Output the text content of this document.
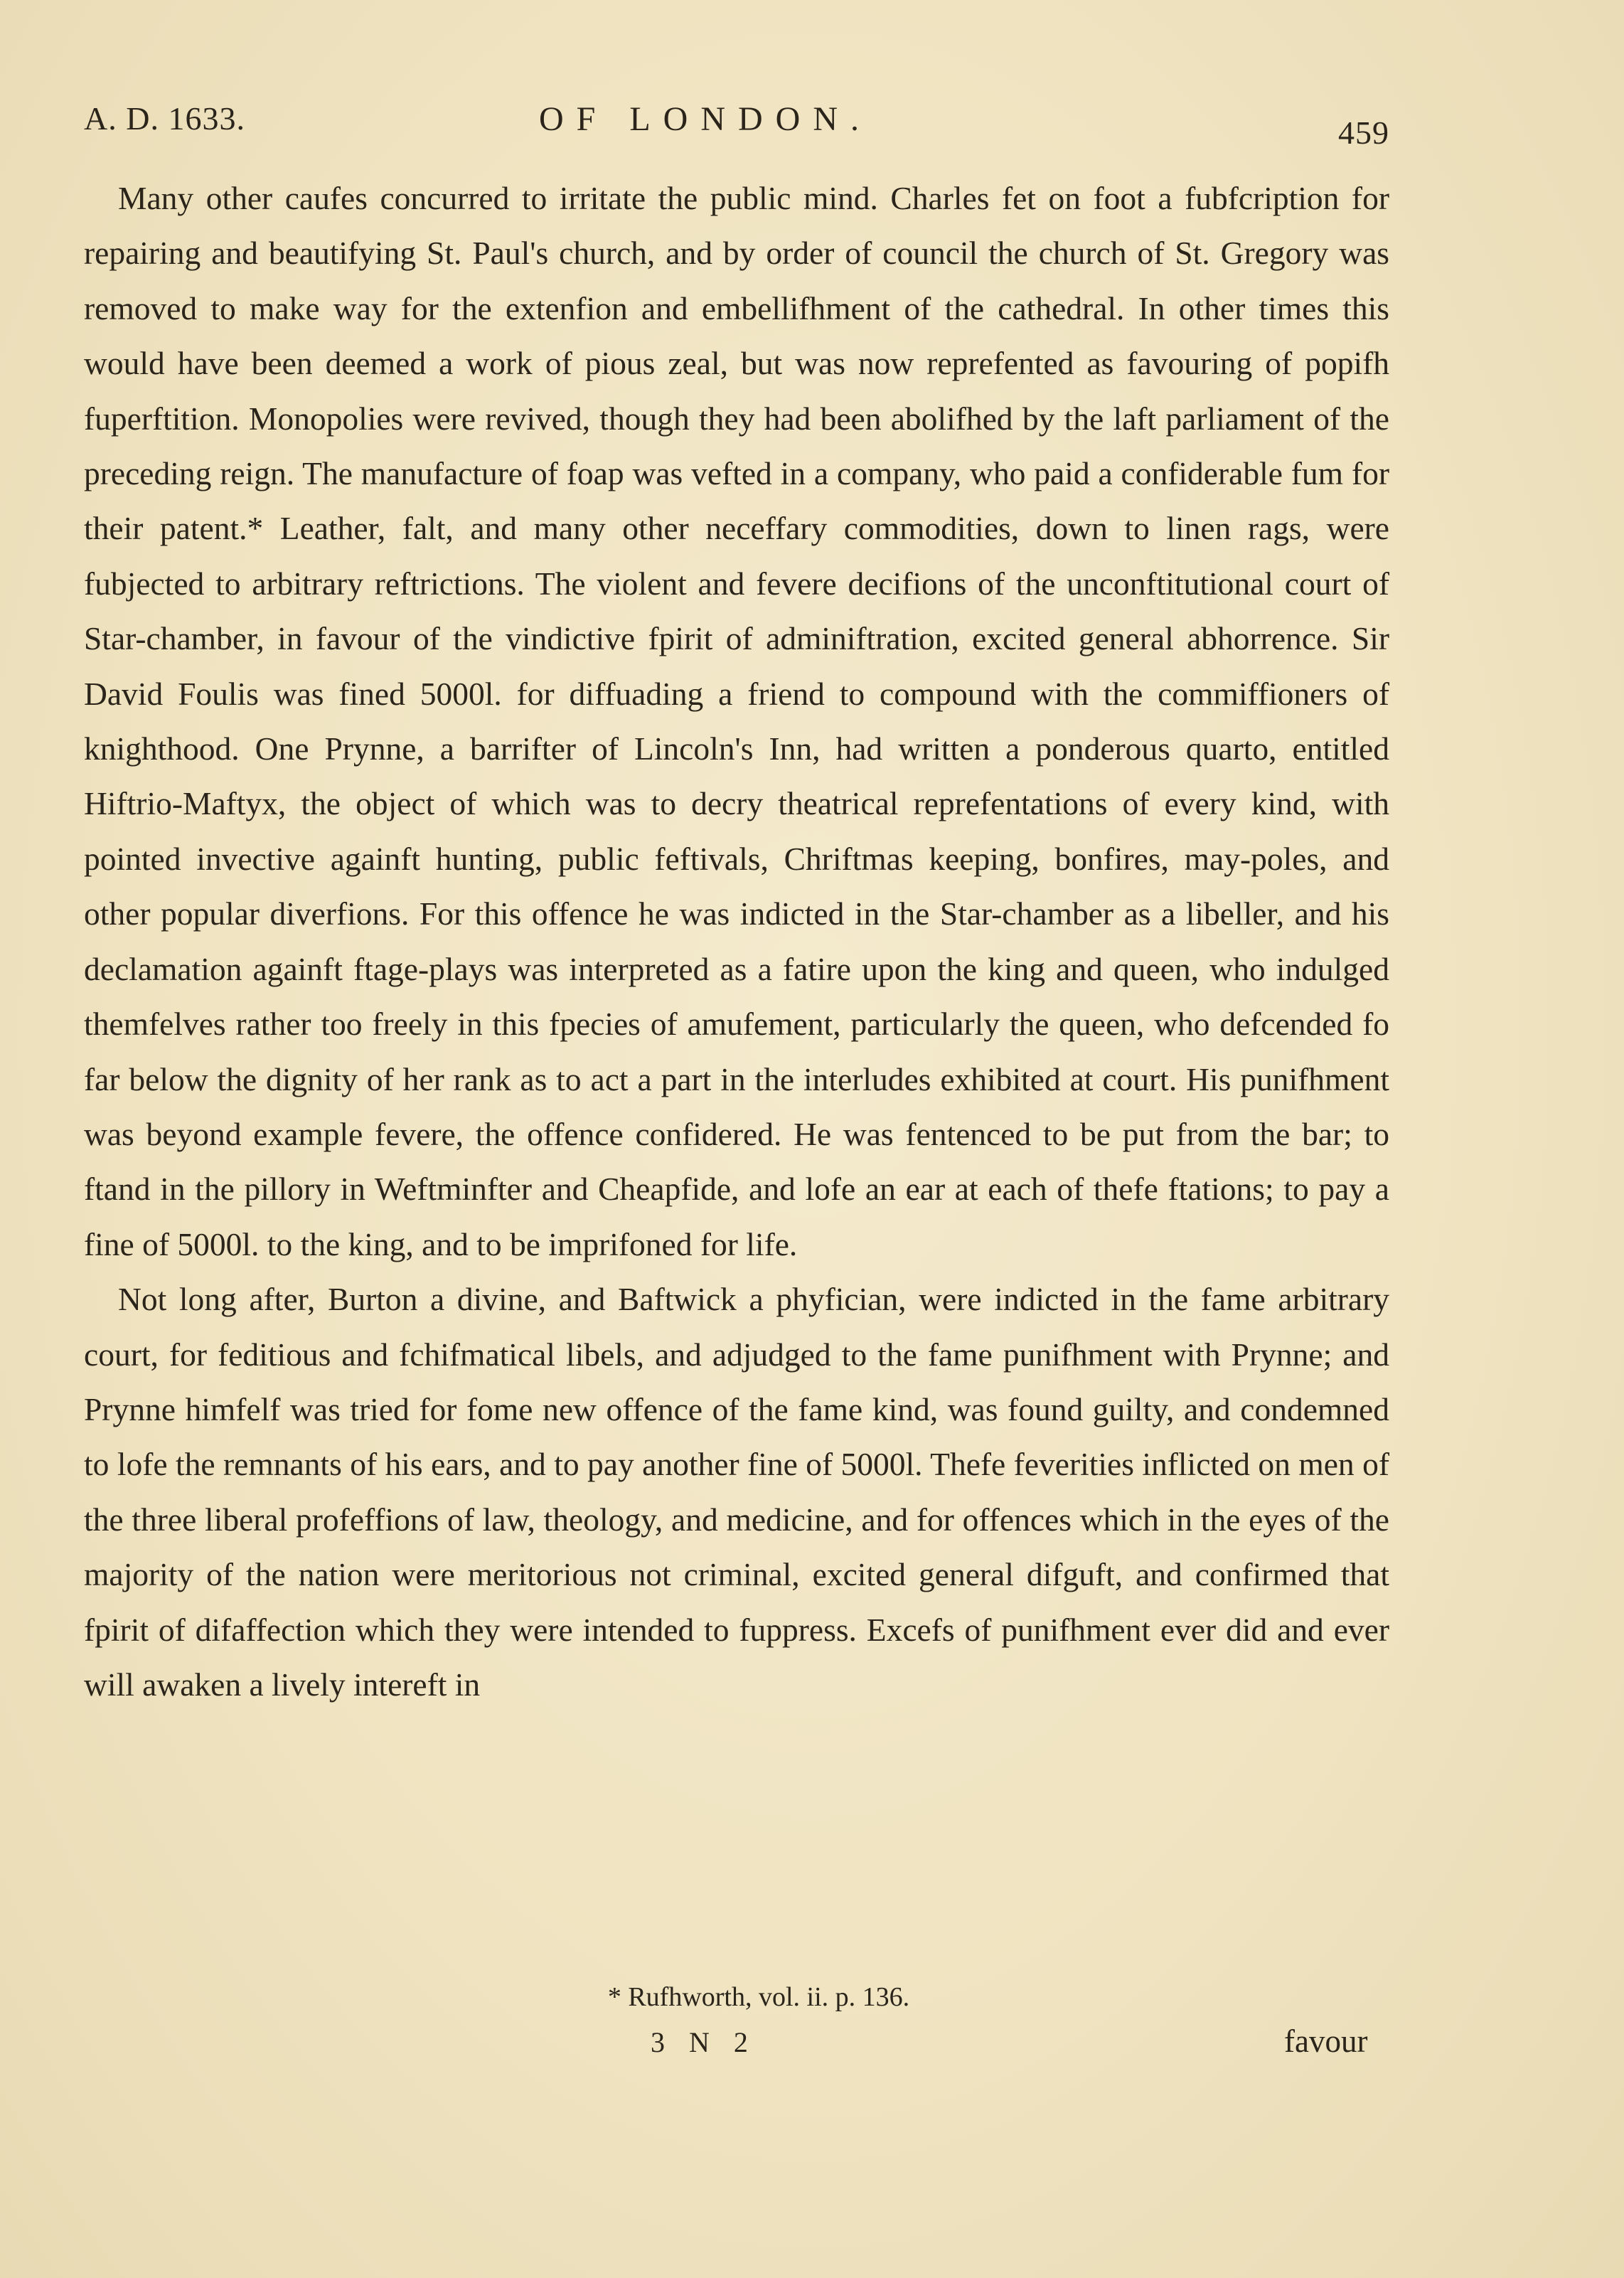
A. D. 1633.	OF LONDON.	459

Many other caufes concurred to irritate the public mind. Charles fet on foot a fubfcription for repairing and beautifying St. Paul's church, and by order of council the church of St. Gregory was removed to make way for the extenfion and embellifhment of the cathedral. In other times this would have been deemed a work of pious zeal, but was now reprefented as favouring of popifh fuperftition. Monopolies were revived, though they had been abolifhed by the laft parliament of the preceding reign. The manufacture of foap was vefted in a company, who paid a confiderable fum for their patent.* Leather, falt, and many other neceffary commodities, down to linen rags, were fubjected to arbitrary reftrictions. The violent and fevere decifions of the unconftitutional court of Star-chamber, in favour of the vindictive fpirit of adminiftration, excited general abhorrence. Sir David Foulis was fined 5000l. for diffuading a friend to compound with the commiffioners of knighthood. One Prynne, a barrifter of Lincoln's Inn, had written a ponderous quarto, entitled Hiftrio-Maftyx, the object of which was to decry theatrical reprefentations of every kind, with pointed invective againft hunting, public feftivals, Chriftmas keeping, bonfires, may-poles, and other popular diverfions. For this offence he was indicted in the Star-chamber as a libeller, and his declamation againft ftage-plays was interpreted as a fatire upon the king and queen, who indulged themfelves rather too freely in this fpecies of amufement, particularly the queen, who defcended fo far below the dignity of her rank as to act a part in the interludes exhibited at court. His punifhment was beyond example fevere, the offence confidered. He was fentenced to be put from the bar; to ftand in the pillory in Weftminfter and Cheapfide, and lofe an ear at each of thefe ftations; to pay a fine of 5000l. to the king, and to be imprifoned for life.

Not long after, Burton a divine, and Baftwick a phyfician, were indicted in the fame arbitrary court, for feditious and fchifmatical libels, and adjudged to the fame punifhment with Prynne; and Prynne himfelf was tried for fome new offence of the fame kind, was found guilty, and condemned to lofe the remnants of his ears, and to pay another fine of 5000l. Thefe feverities inflicted on men of the three liberal profeffions of law, theology, and medicine, and for offences which in the eyes of the majority of the nation were meritorious not criminal, excited general difguft, and confirmed that fpirit of difaffection which they were intended to fuppress. Excefs of punifhment ever did and ever will awaken a lively intereft in

* Rufhworth, vol. ii. p. 136.
3 N 2	favour
